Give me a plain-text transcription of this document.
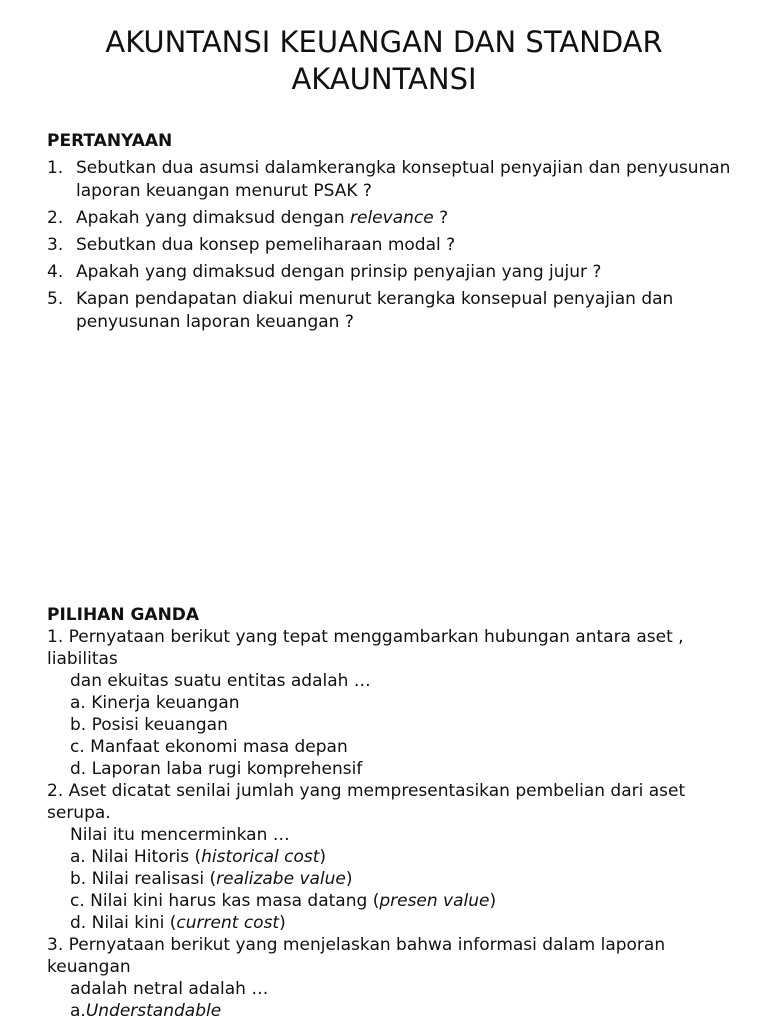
AKUNTANSI KEUANGAN DAN STANDAR
AKAUNTANSI
PERTANYAAN
1. Sebutkan dua asumsi dalamkerangka konseptual penyajian dan penyusunan laporan keuangan menurut PSAK ?
2. Apakah yang dimaksud dengan relevance ?
3. Sebutkan dua konsep pemeliharaan modal ?
4. Apakah yang dimaksud dengan prinsip penyajian yang jujur ?
5. Kapan pendapatan diakui menurut kerangka konsepual penyajian dan penyusunan laporan keuangan ?
PILIHAN GANDA

1. Pernyataan berikut yang tepat menggambarkan hubungan antara aset , liabilitas

dan ekuitas suatu entitas adalah …

a. Kinerja keuangan

b. Posisi keuangan

c. Manfaat ekonomi masa depan

d. Laporan laba rugi komprehensif

2. Aset dicatat senilai jumlah yang mempresentasikan pembelian dari aset serupa.

Nilai itu mencerminkan …

a. Nilai Hitoris (historical cost)

b. Nilai realisasi (realizabe value)

c. Nilai kini harus kas masa datang (presen value)

d. Nilai kini (current cost)

3. Pernyataan berikut yang menjelaskan bahwa informasi dalam laporan keuangan

adalah netral adalah …

a.Understandable
